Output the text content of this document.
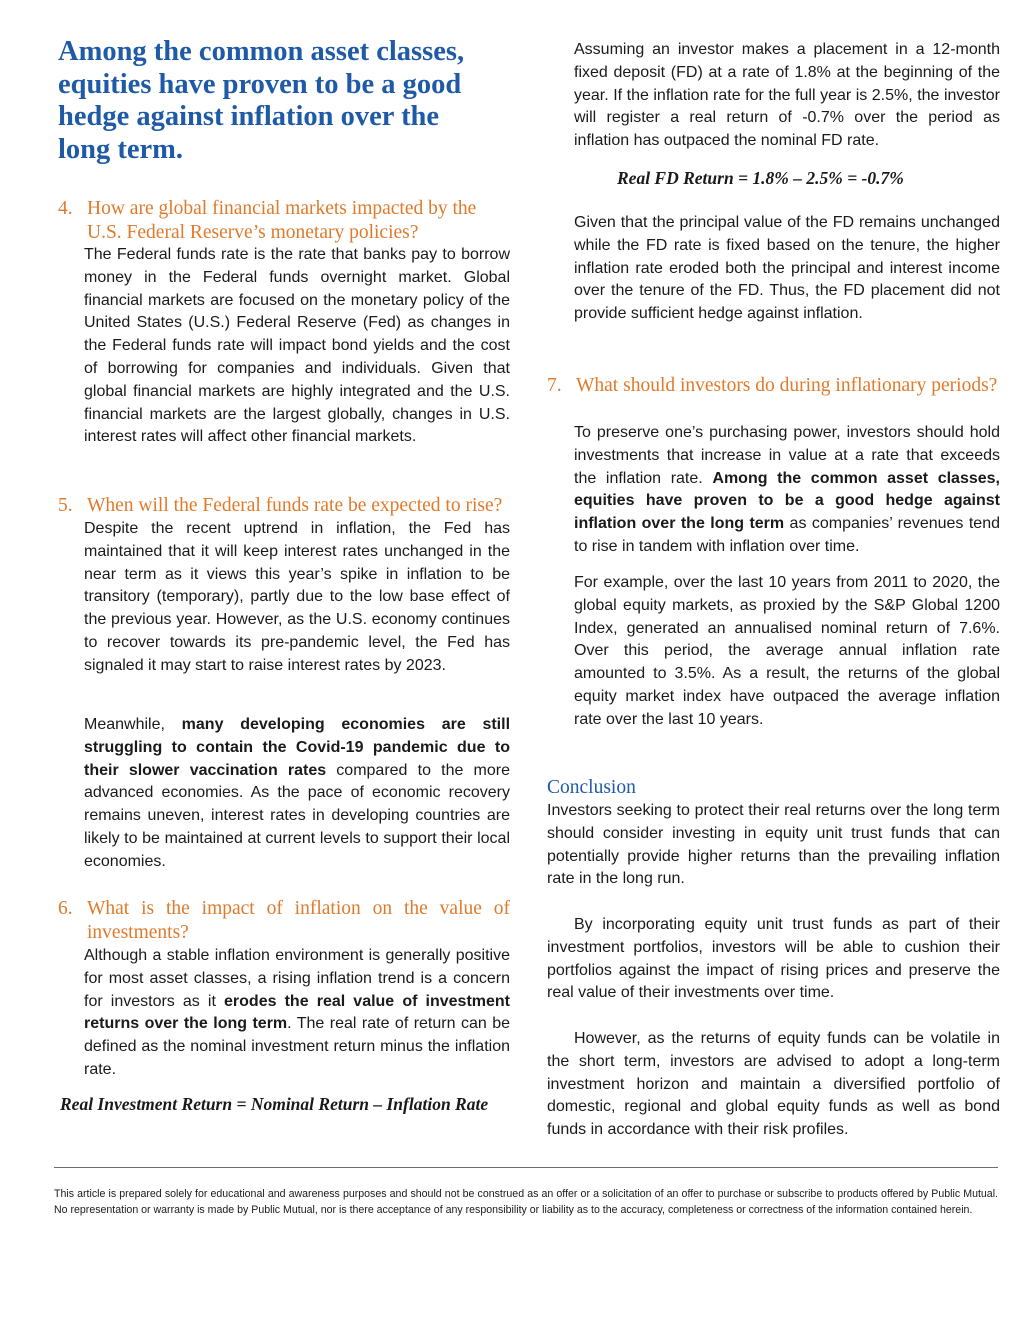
Among the common asset classes, equities have proven to be a good hedge against inflation over the long term.
4. How are global financial markets impacted by the U.S. Federal Reserve’s monetary policies?

The Federal funds rate is the rate that banks pay to borrow money in the Federal funds overnight market. Global financial markets are focused on the monetary policy of the United States (U.S.) Federal Reserve (Fed) as changes in the Federal funds rate will impact bond yields and the cost of borrowing for companies and individuals. Given that global financial markets are highly integrated and the U.S. financial markets are the largest globally, changes in U.S. interest rates will affect other financial markets.

5. When will the Federal funds rate be expected to rise?

Despite the recent uptrend in inflation, the Fed has maintained that it will keep interest rates unchanged in the near term as it views this year’s spike in inflation to be transitory (temporary), partly due to the low base effect of the previous year. However, as the U.S. economy continues to recover towards its pre-pandemic level, the Fed has signaled it may start to raise interest rates by 2023.

Meanwhile, many developing economies are still struggling to contain the Covid-19 pandemic due to their slower vaccination rates compared to the more advanced economies. As the pace of economic recovery remains uneven, interest rates in developing countries are likely to be maintained at current levels to support their local economies.

6. What is the impact of inflation on the value of investments?

Although a stable inflation environment is generally positive for most asset classes, a rising inflation trend is a concern for investors as it erodes the real value of investment returns over the long term. The real rate of return can be defined as the nominal investment return minus the inflation rate.

Real Investment Return = Nominal Return – Inflation Rate

Assuming an investor makes a placement in a 12-month fixed deposit (FD) at a rate of 1.8% at the beginning of the year. If the inflation rate for the full year is 2.5%, the investor will register a real return of -0.7% over the period as inflation has outpaced the nominal FD rate.

Real FD Return = 1.8% – 2.5% = -0.7%

Given that the principal value of the FD remains unchanged while the FD rate is fixed based on the tenure, the higher inflation rate eroded both the principal and interest income over the tenure of the FD. Thus, the FD placement did not provide sufficient hedge against inflation.

7. What should investors do during inflationary periods?

To preserve one’s purchasing power, investors should hold investments that increase in value at a rate that exceeds the inflation rate. Among the common asset classes, equities have proven to be a good hedge against inflation over the long term as companies’ revenues tend to rise in tandem with inflation over time.

For example, over the last 10 years from 2011 to 2020, the global equity markets, as proxied by the S&P Global 1200 Index, generated an annualised nominal return of 7.6%. Over this period, the average annual inflation rate amounted to 3.5%. As a result, the returns of the global equity market index have outpaced the average inflation rate over the last 10 years.

Conclusion

Investors seeking to protect their real returns over the long term should consider investing in equity unit trust funds that can potentially provide higher returns than the prevailing inflation rate in the long run.

By incorporating equity unit trust funds as part of their investment portfolios, investors will be able to cushion their portfolios against the impact of rising prices and preserve the real value of their investments over time.

However, as the returns of equity funds can be volatile in the short term, investors are advised to adopt a long-term investment horizon and maintain a diversified portfolio of domestic, regional and global equity funds as well as bond funds in accordance with their risk profiles.

This article is prepared solely for educational and awareness purposes and should not be construed as an offer or a solicitation of an offer to purchase or subscribe to products offered by Public Mutual. No representation or warranty is made by Public Mutual, nor is there acceptance of any responsibility or liability as to the accuracy, completeness or correctness of the information contained herein.
